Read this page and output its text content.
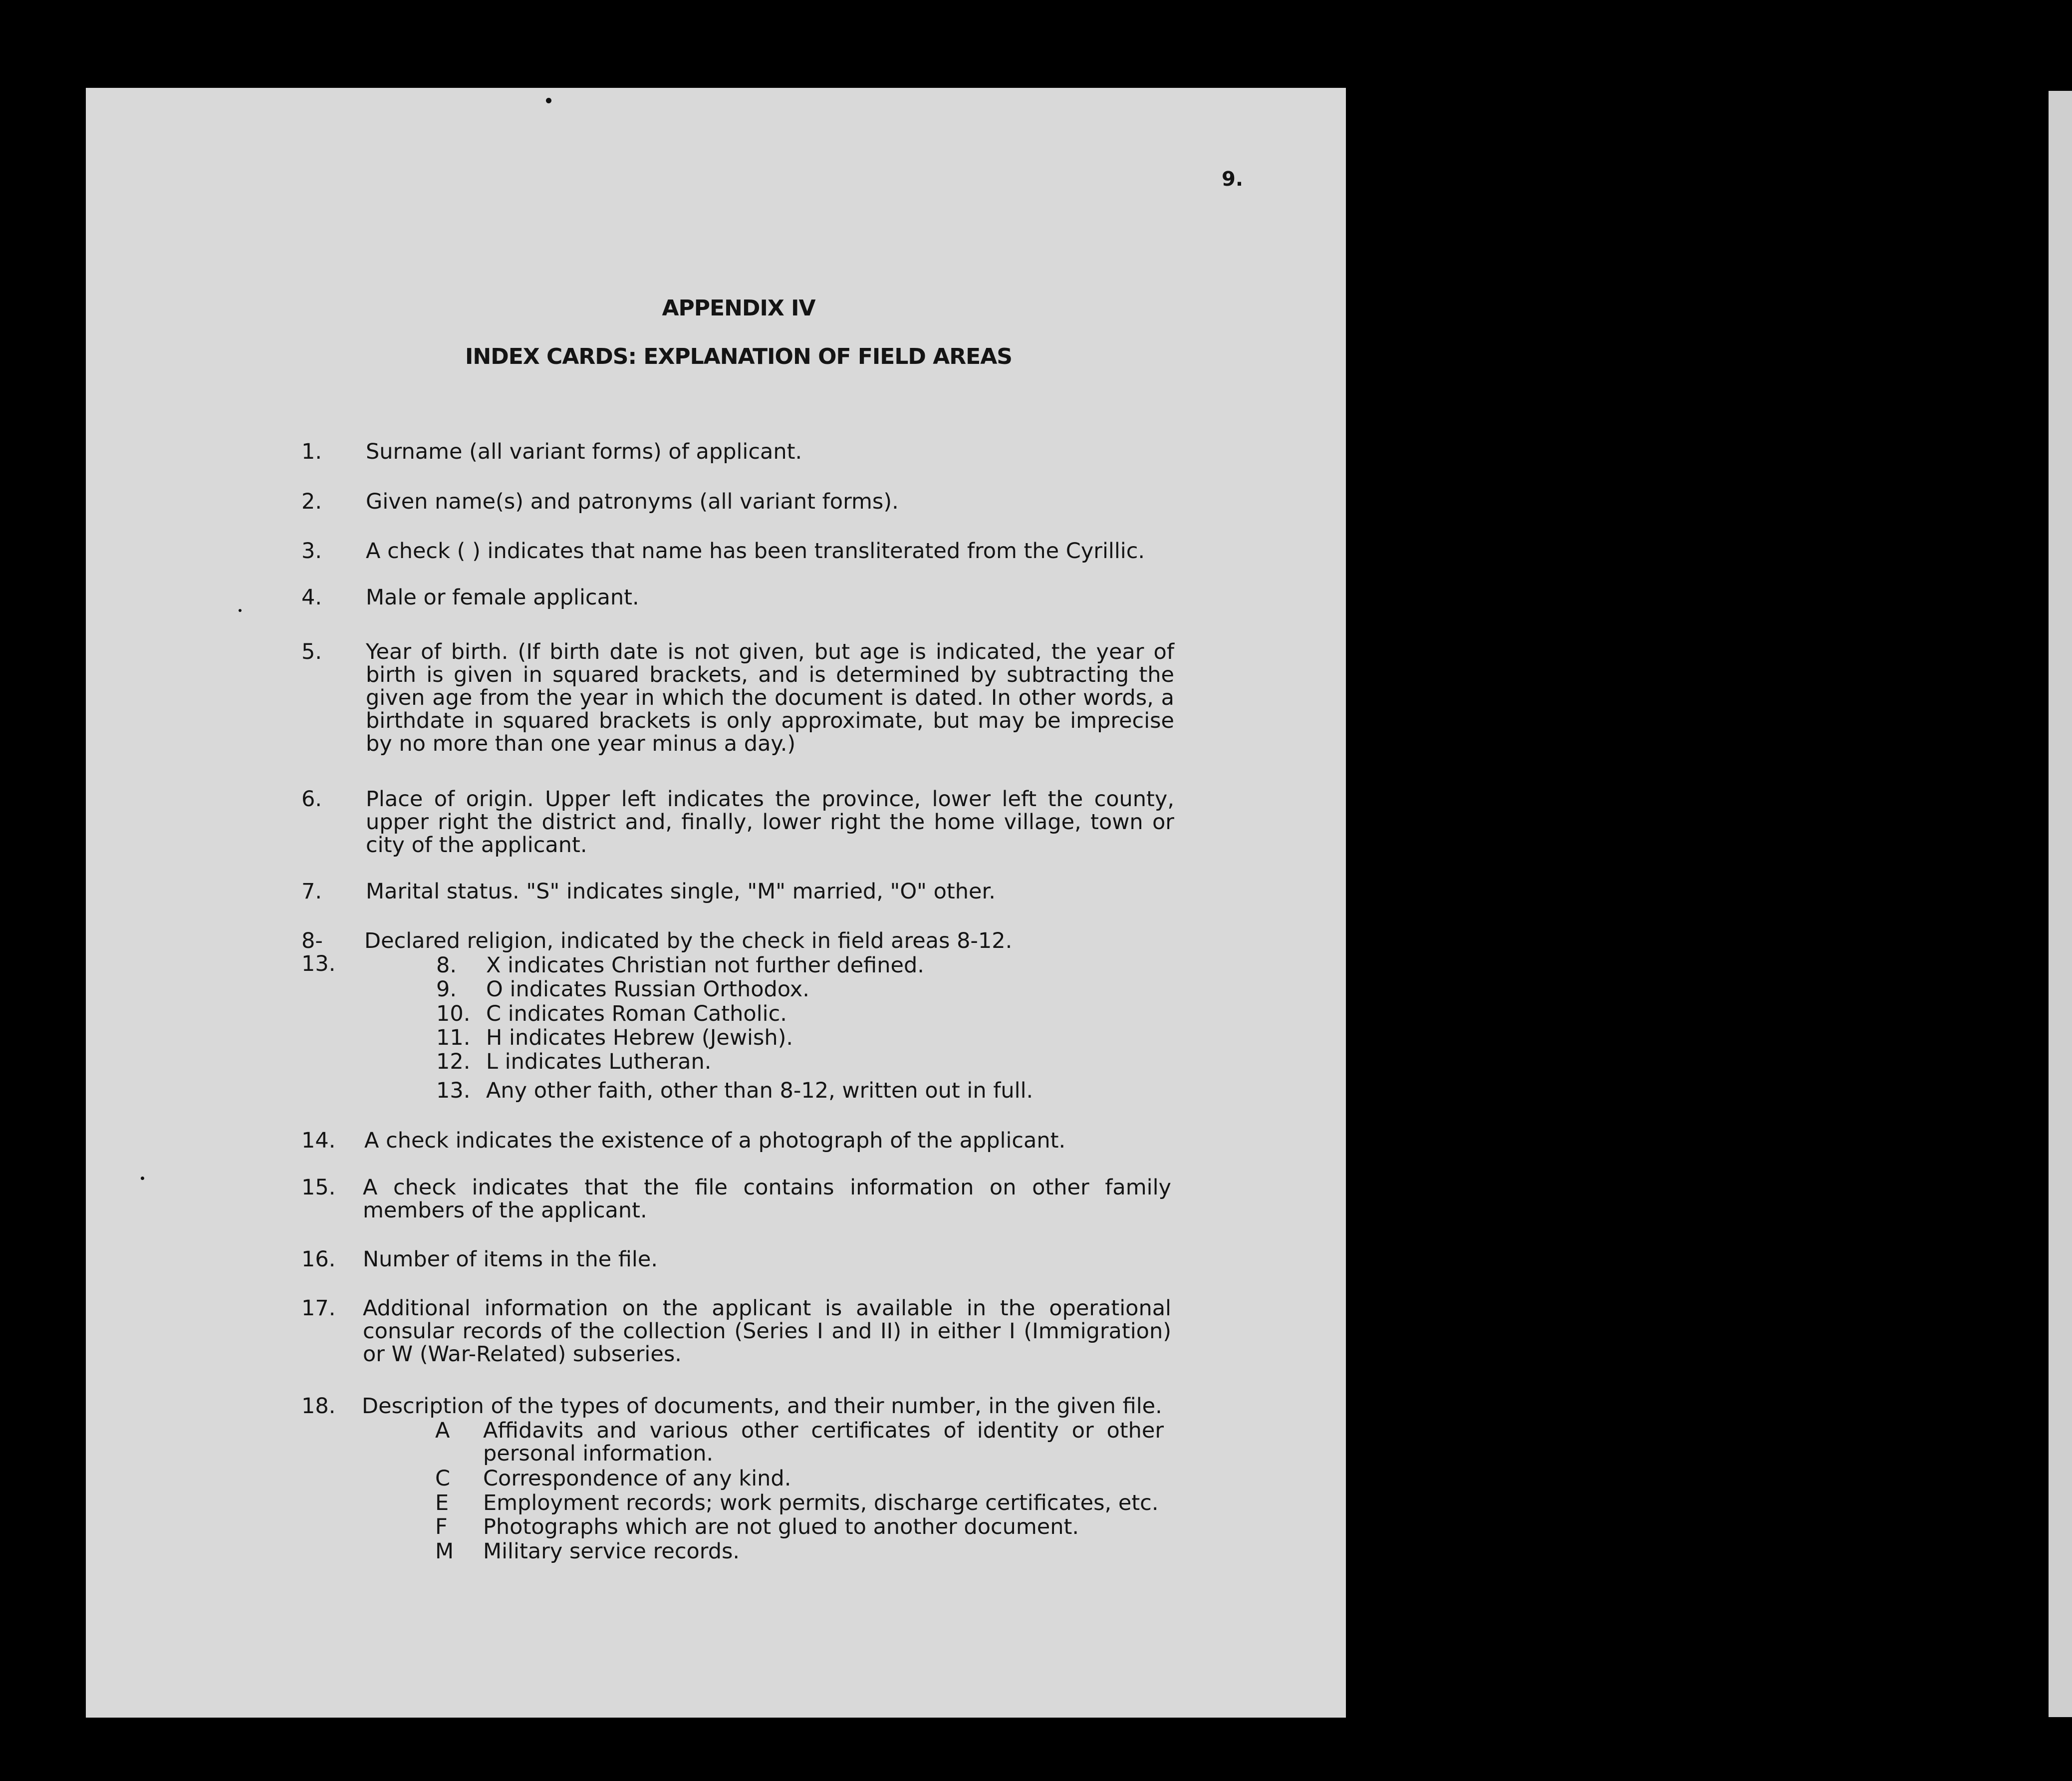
9.
APPENDIX IV
INDEX CARDS: EXPLANATION OF FIELD AREAS
1. Surname (all variant forms) of applicant.
2. Given name(s) and patronyms (all variant forms).
3. A check ( ) indicates that name has been transliterated from the Cyrillic.
4. Male or female applicant.
5. Year of birth. (If birth date is not given, but age is indicated, the year of birth is given in squared brackets, and is determined by subtracting the given age from the year in which the document is dated. In other words, a birthdate in squared brackets is only approximate, but may be imprecise by no more than one year minus a day.)
6. Place of origin. Upper left indicates the province, lower left the county, upper right the district and, finally, lower right the home village, town or city of the applicant.
7. Marital status. "S" indicates single, "M" married, "O" other.
8-13.
Declared religion, indicated by the check in field areas 8-12.
8. X indicates Christian not further defined.
9. O indicates Russian Orthodox.
10. C indicates Roman Catholic.
11. H indicates Hebrew (Jewish).
12. L indicates Lutheran.
13. Any other faith, other than 8-12, written out in full.
14. A check indicates the existence of a photograph of the applicant.
15. A check indicates that the file contains information on other family members of the applicant.
16. Number of items in the file.
17. Additional information on the applicant is available in the operational consular records of the collection (Series I and II) in either I (Immigration) or W (War-Related) subseries.
18. Description of the types of documents, and their number, in the given file.
A Affidavits and various other certificates of identity or other personal information.
C Correspondence of any kind.
E Employment records; work permits, discharge certificates, etc.
F Photographs which are not glued to another document.
M Military service records.
